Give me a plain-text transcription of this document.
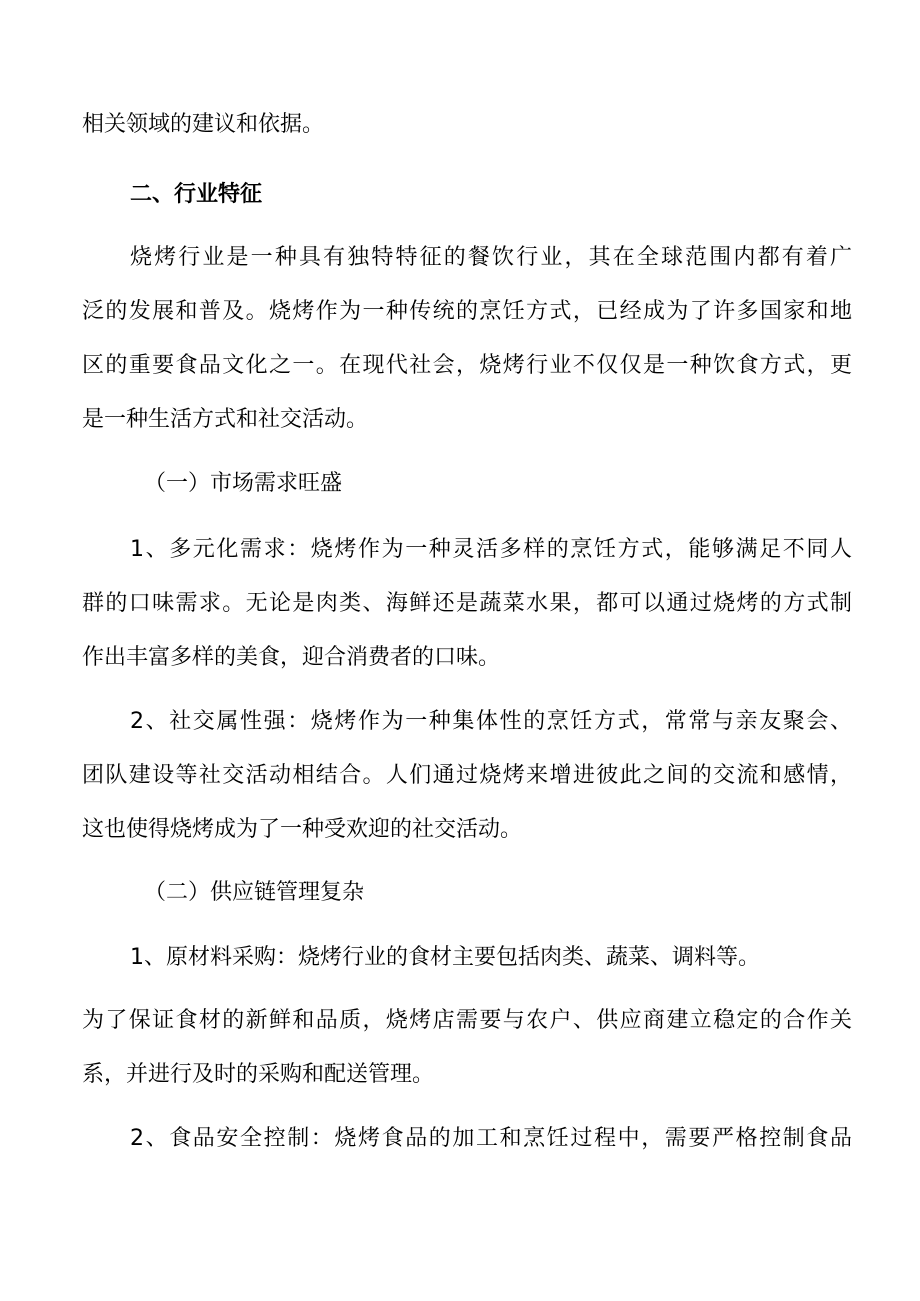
相关领域的建议和依据。
二、行业特征
烧烤行业是一种具有独特特征的餐饮行业，其在全球范围内都有着广
泛的发展和普及。烧烤作为一种传统的烹饪方式，已经成为了许多国家和地
区的重要食品文化之一。在现代社会，烧烤行业不仅仅是一种饮食方式，更
是一种生活方式和社交活动。
（一）市场需求旺盛
1、多元化需求：烧烤作为一种灵活多样的烹饪方式，能够满足不同人
群的口味需求。无论是肉类、海鲜还是蔬菜水果，都可以通过烧烤的方式制
作出丰富多样的美食，迎合消费者的口味。
2、社交属性强：烧烤作为一种集体性的烹饪方式，常常与亲友聚会、
团队建设等社交活动相结合。人们通过烧烤来增进彼此之间的交流和感情，
这也使得烧烤成为了一种受欢迎的社交活动。
（二）供应链管理复杂
1、原材料采购：烧烤行业的食材主要包括肉类、蔬菜、调料等。
为了保证食材的新鲜和品质，烧烤店需要与农户、供应商建立稳定的合作关
系，并进行及时的采购和配送管理。
2、食品安全控制：烧烤食品的加工和烹饪过程中，需要严格控制食品
